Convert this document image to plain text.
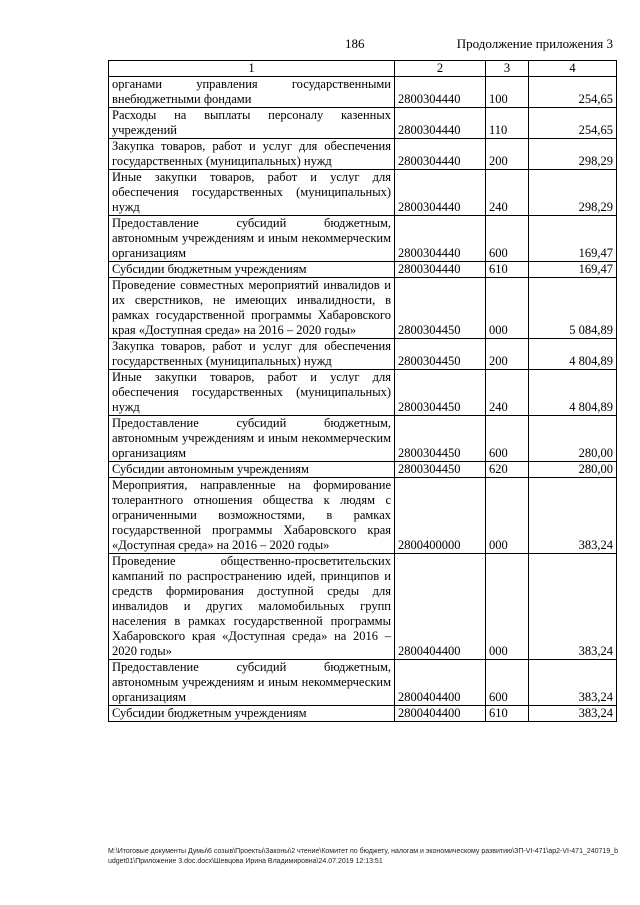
186	Продолжение приложения 3
1	2	3	4
органами управления государственными внебюджетными фондами	2800304440	100	254,65
Расходы на выплаты персоналу казенных учреждений	2800304440	110	254,65
Закупка товаров, работ и услуг для обеспечения государственных (муниципальных) нужд	2800304440	200	298,29
Иные закупки товаров, работ и услуг для обеспечения государственных (муниципальных) нужд	2800304440	240	298,29
Предоставление субсидий бюджетным, автономным учреждениям и иным некоммерческим организациям	2800304440	600	169,47
Субсидии бюджетным учреждениям	2800304440	610	169,47
Проведение совместных мероприятий инвалидов и их сверстников, не имеющих инвалидности, в рамках государственной программы Хабаровского края «Доступная среда» на 2016 – 2020 годы»	2800304450	000	5 084,89
Закупка товаров, работ и услуг для обеспечения государственных (муниципальных) нужд	2800304450	200	4 804,89
Иные закупки товаров, работ и услуг для обеспечения государственных (муниципальных) нужд	2800304450	240	4 804,89
Предоставление субсидий бюджетным, автономным учреждениям и иным некоммерческим организациям	2800304450	600	280,00
Субсидии автономным учреждениям	2800304450	620	280,00
Мероприятия, направленные на формирование толерантного отношения общества к людям с ограниченными возможностями, в рамках государственной программы Хабаровского края «Доступная среда» на 2016 – 2020 годы»	2800400000	000	383,24
Проведение общественно-просветительских кампаний по распространению идей, принципов и средств формирования доступной среды для инвалидов и других маломобильных групп населения в рамках государственной программы Хабаровского края «Доступная среда» на 2016 – 2020 годы»	2800404400	000	383,24
Предоставление субсидий бюджетным, автономным учреждениям и иным некоммерческим организациям	2800404400	600	383,24
Субсидии бюджетным учреждениям	2800404400	610	383,24
M:\Итоговые документы Думы\6 созыв\Проекты\Законы\2 чтение\Комитет по бюджету, налогам и экономическому развитию\ЗП-VI-471\ap2-VI-471_240719_budget01\Приложение 3.doc.docx\Шевцова Ирина Владимировна\24.07.2019 12:13:51
